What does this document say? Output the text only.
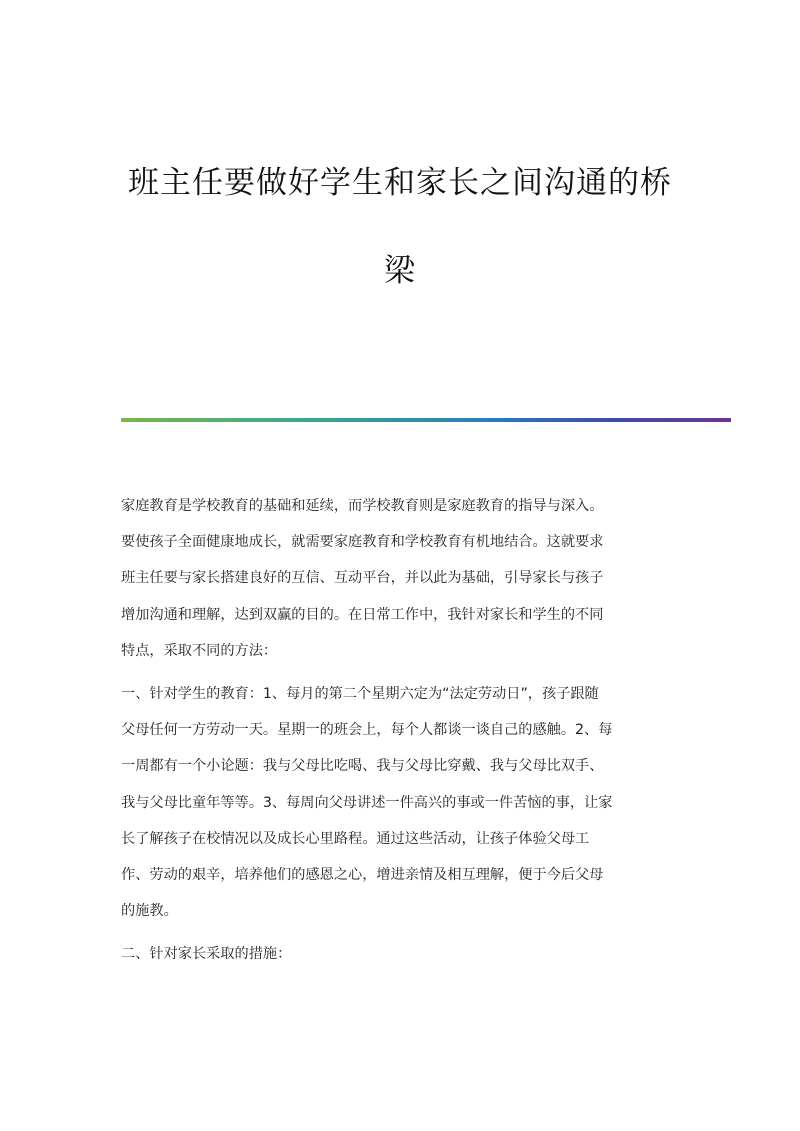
班主任要做好学生和家长之间沟通的桥
梁

家庭教育是学校教育的基础和延续，而学校教育则是家庭教育的指导与深入。
要使孩子全面健康地成长，就需要家庭教育和学校教育有机地结合。这就要求
班主任要与家长搭建良好的互信、互动平台，并以此为基础，引导家长与孩子
增加沟通和理解，达到双赢的目的。在日常工作中，我针对家长和学生的不同
特点，采取不同的方法：

一、针对学生的教育：1、每月的第二个星期六定为“法定劳动日”，孩子跟随
父母任何一方劳动一天。星期一的班会上，每个人都谈一谈自己的感触。2、每
一周都有一个小论题：我与父母比吃喝、我与父母比穿戴、我与父母比双手、
我与父母比童年等等。3、每周向父母讲述一件高兴的事或一件苦恼的事，让家
长了解孩子在校情况以及成长心里路程。通过这些活动，让孩子体验父母工
作、劳动的艰辛，培养他们的感恩之心，增进亲情及相互理解，便于今后父母
的施教。

二、针对家长采取的措施：
